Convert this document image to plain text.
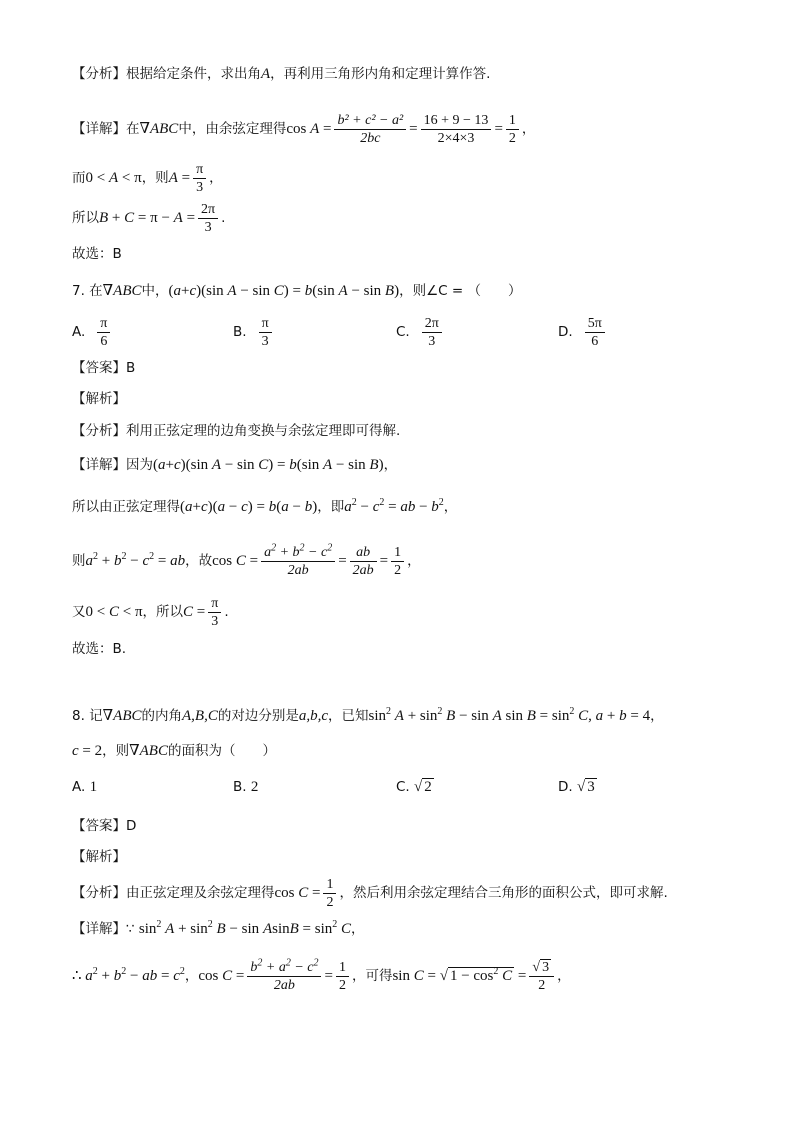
【分析】根据给定条件，求出角A，再利用三角形内角和定理计算作答.
【详解】在∇ABC中，由余弦定理得$\cos A = \frac{\text{b² + c² − a²}}{2bc} = \frac{16 + 9 - 13}{2\times 4\times 3} = \frac{1}{2}$ ，
而0 < A < π，则$A = \frac{\pi}{3}$ ，
所以$B + C = \pi - A = \frac{2\pi}{3}$ .
故选：B
7. 在∇ABC中，(a+c)(sin A − sin C) = b(sin A − sin B)，则∠C = （　　）
A. $\frac{\pi}{6}$	B. $\frac{\pi}{3}$	C. $\frac{2\pi}{3}$	D. $\frac{5\pi}{6}$
【答案】B
【解析】
【分析】利用正弦定理的边角变换与余弦定理即可得解.
【详解】因为(a+c)(sin A − sin C) = b(sin A − sin B)，
所以由正弦定理得(a+c)(a − c) = b(a − b)，即$a^2 - c^2$ = ab − $b^2$，
则$a^2 + b^2 - c^2$ = ab，故$\cos C = \frac{a^2 + b^2 - c^2}{2ab} = \frac{ab}{2ab} = \frac{1}{2}$ ，
又0 < C < π，所以$C = \frac{\pi}{3}$ .
故选：B.
8. 记∇ABC的内角A,B,C的对边分别是a,b,c，已知$\sin^2 A + \sin^2 B - \sin A$ $\sin B = \sin^2 C$, a + b = 4，
c = 2，则∇ABC的面积为（　　）
A. 1	B. 2	C. √ 2	D. √ 3
【答案】D
【解析】
【分析】由正弦定理及余弦定理得$\cos C = \frac{1}{2}$ ，然后利用余弦定理结合三角形的面积公式，即可求解.
【详解】∵ $\sin^2 A + \sin^2 B - \sin AsinB = \sin^2 C$，
∴ $a^2 + b^2$ − ab = $c^2$，$\cos C = \frac{b^2 + a^2 - c^2}{2ab} = \frac{1}{2}$ ，可得sin C = √ $1 - \cos^2 C = \frac{√ 3}{2}$ ，
